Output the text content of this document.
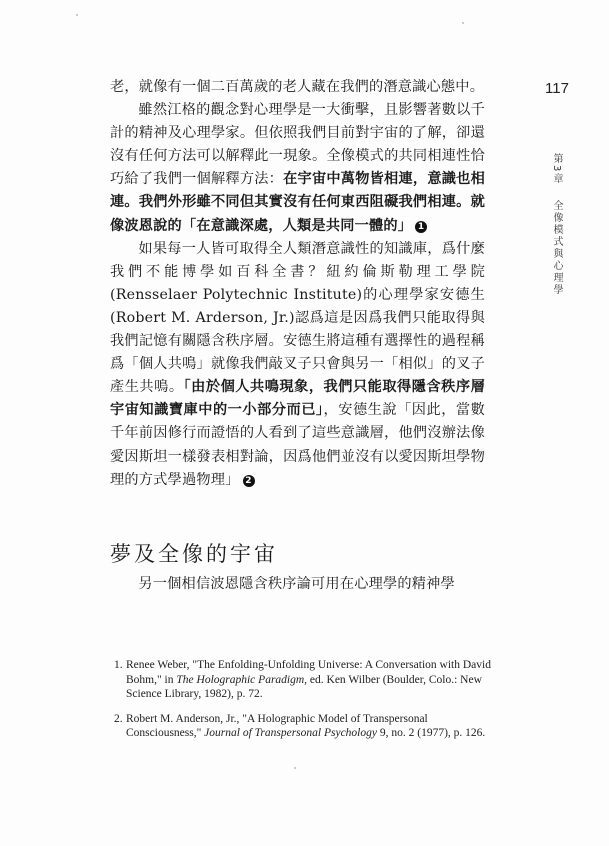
117
第3章
全像模式與心理學

老，就像有一個二百萬歲的老人藏在我們的潛意識心態中。

雖然江格的觀念對心理學是一大衝擊，且影響著數以千計的精神及心理學家。但依照我們目前對宇宙的了解，卻還沒有任何方法可以解釋此一現象。全像模式的共同相連性恰巧給了我們一個解釋方法：在宇宙中萬物皆相連，意識也相連。我們外形雖不同但其實沒有任何東西阻礙我們相連。就像波恩說的「在意識深處，人類是共同一體的」 1

如果每一人皆可取得全人類潛意識性的知識庫，爲什麼我們不能博學如百科全書？紐約倫斯勒理工學院(Rensselaer Polytechnic Institute)的心理學家安德生(Robert M. Arderson, Jr.)認爲這是因爲我們只能取得與我們記憶有關隱含秩序層。安德生將這種有選擇性的過程稱爲「個人共鳴」就像我們敲叉子只會與另一「相似」的叉子產生共鳴。「由於個人共鳴現象，我們只能取得隱含秩序層宇宙知識寶庫中的一小部分而已」，安德生說「因此，當數千年前因修行而證悟的人看到了這些意識層，他們沒辦法像愛因斯坦一樣發表相對論，因爲他們並沒有以愛因斯坦學物理的方式學過物理」 2

夢及全像的宇宙
另一個相信波恩隱含秩序論可用在心理學的精神學
1. Renee Weber, "The Enfolding-Unfolding Universe: A Conversation with David Bohm," in The Holographic Paradigm, ed. Ken Wilber (Boulder, Colo.: New Science Library, 1982), p. 72.
2. Robert M. Anderson, Jr., "A Holographic Model of Transpersonal Consciousness," Journal of Transpersonal Psychology 9, no. 2 (1977), p. 126.
